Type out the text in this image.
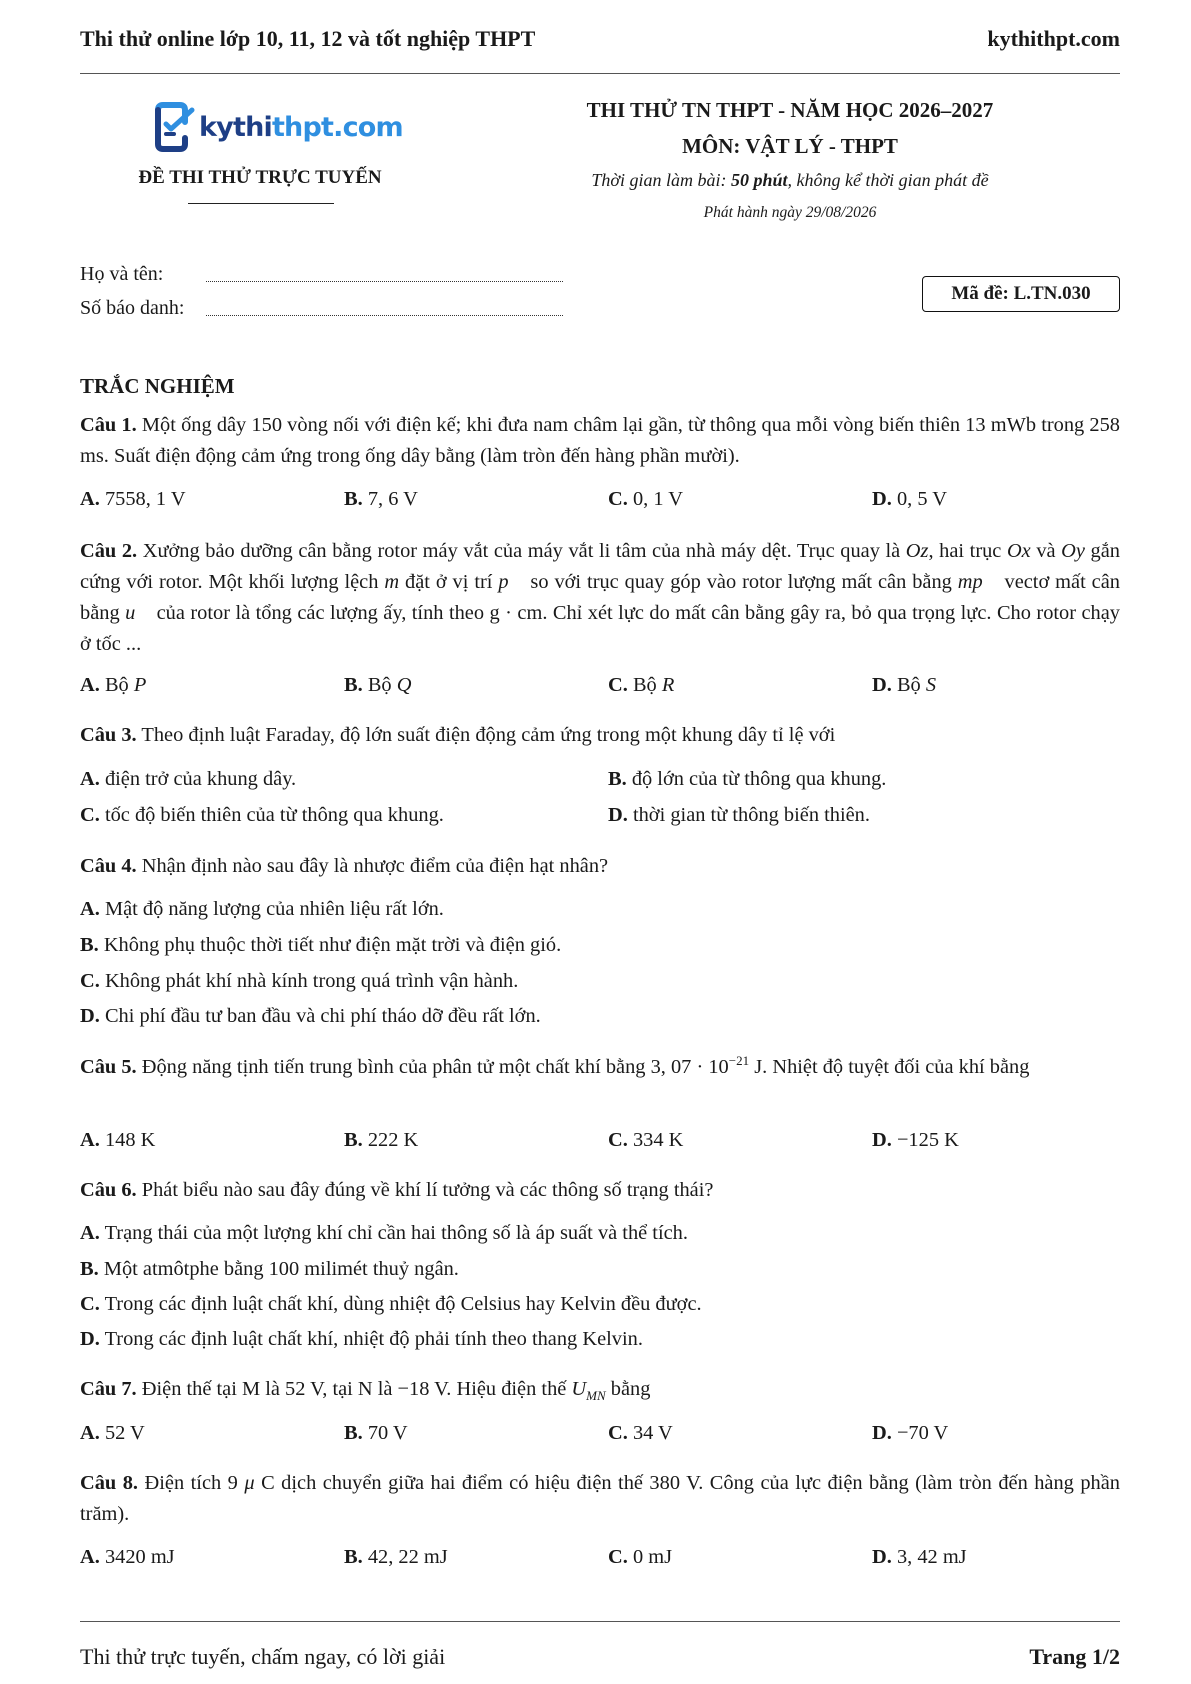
Thi thử online lớp 10, 11, 12 và tốt nghiệp THPT	kythithpt.com
kythithpt.com
ĐỀ THI THỬ TRỰC TUYẾN
THI THỬ TN THPT - NĂM HỌC 2026–2027
MÔN: VẬT LÝ - THPT
Thời gian làm bài: 50 phút, không kể thời gian phát đề
Phát hành ngày 29/08/2026
Họ và tên:
Số báo danh:
Mã đề: L.TN.030
TRẮC NGHIỆM
Câu 1. Một ống dây 150 vòng nối với điện kế; khi đưa nam châm lại gần, từ thông qua mỗi vòng biến thiên 13 mWb trong 258 ms. Suất điện động cảm ứng trong ống dây bằng (làm tròn đến hàng phần mười).
A. 7558, 1 V	B. 7, 6 V	C. 0, 1 V	D. 0, 5 V
Câu 2. Xưởng bảo dưỡng cân bằng rotor máy vắt của máy vắt li tâm của nhà máy dệt. Trục quay là Oz, hai trục Ox và Oy gắn cứng với rotor. Một khối lượng lệch m đặt ở vị trí p⃗ so với trục quay góp vào rotor lượng mất cân bằng mp⃗ vectơ mất cân bằng u⃗ của rotor là tổng các lượng ấy, tính theo g · cm. Chỉ xét lực do mất cân bằng gây ra, bỏ qua trọng lực. Cho rotor chạy ở tốc ...
A. Bộ P	B. Bộ Q	C. Bộ R	D. Bộ S
Câu 3. Theo định luật Faraday, độ lớn suất điện động cảm ứng trong một khung dây tỉ lệ với
A. điện trở của khung dây.	B. độ lớn của từ thông qua khung.
C. tốc độ biến thiên của từ thông qua khung.	D. thời gian từ thông biến thiên.
Câu 4. Nhận định nào sau đây là nhược điểm của điện hạt nhân?
A. Mật độ năng lượng của nhiên liệu rất lớn.
B. Không phụ thuộc thời tiết như điện mặt trời và điện gió.
C. Không phát khí nhà kính trong quá trình vận hành.
D. Chi phí đầu tư ban đầu và chi phí tháo dỡ đều rất lớn.
Câu 5. Động năng tịnh tiến trung bình của phân tử một chất khí bằng 3, $07 \cdot 10^{-21}$ J. Nhiệt độ tuyệt đối của khí bằng
A. 148 K	B. 222 K	C. 334 K	D. −125 K
Câu 6. Phát biểu nào sau đây đúng về khí lí tưởng và các thông số trạng thái?
A. Trạng thái của một lượng khí chỉ cần hai thông số là áp suất và thể tích.
B. Một atmôtphe bằng 100 milimét thuỷ ngân.
C. Trong các định luật chất khí, dùng nhiệt độ Celsius hay Kelvin đều được.
D. Trong các định luật chất khí, nhiệt độ phải tính theo thang Kelvin.
Câu 7. Điện thế tại M là 52 V, tại N là −18 V. Hiệu điện thế $U_{MN}$ bằng
A. 52 V	B. 70 V	C. 34 V	D. −70 V
Câu 8. Điện tích 9 μ C dịch chuyển giữa hai điểm có hiệu điện thế 380 V. Công của lực điện bằng (làm tròn đến hàng phần trăm).
A. 3420 mJ	B. 42, 22 mJ	C. 0 mJ	D. 3, 42 mJ
Thi thử trực tuyến, chấm ngay, có lời giải	Trang 1/2
